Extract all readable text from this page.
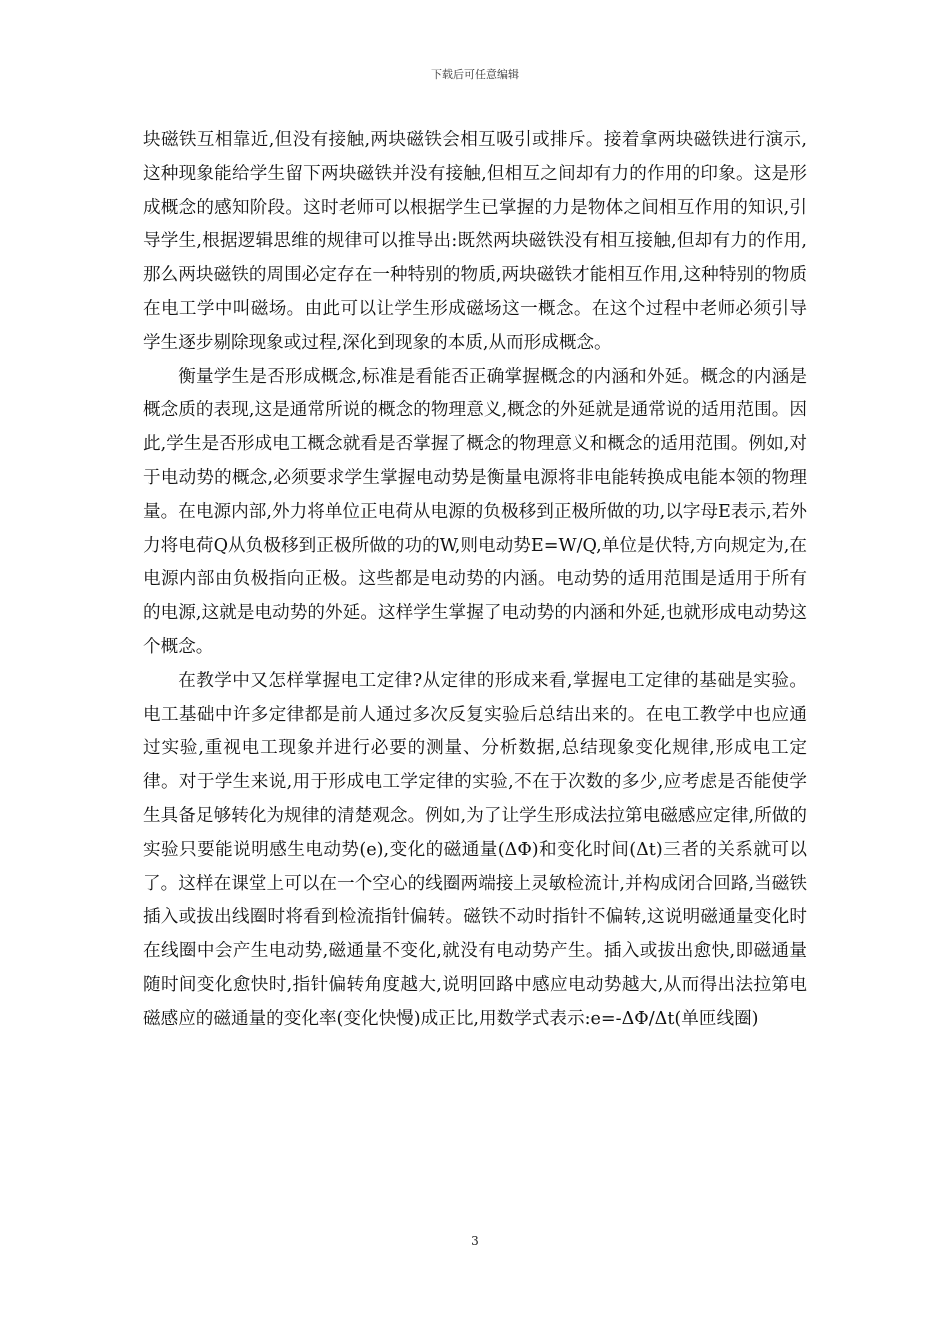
下载后可任意编辑

块磁铁互相靠近,但没有接触,两块磁铁会相互吸引或排斥。接着拿两块磁铁进行演示,这种现象能给学生留下两块磁铁并没有接触,但相互之间却有力的作用的印象。这是形成概念的感知阶段。这时老师可以根据学生已掌握的力是物体之间相互作用的知识,引导学生,根据逻辑思维的规律可以推导出:既然两块磁铁没有相互接触,但却有力的作用,那么两块磁铁的周围必定存在一种特别的物质,两块磁铁才能相互作用,这种特别的物质在电工学中叫磁场。由此可以让学生形成磁场这一概念。在这个过程中老师必须引导学生逐步剔除现象或过程,深化到现象的本质,从而形成概念。

衡量学生是否形成概念,标准是看能否正确掌握概念的内涵和外延。概念的内涵是概念质的表现,这是通常所说的概念的物理意义,概念的外延就是通常说的适用范围。因此,学生是否形成电工概念就看是否掌握了概念的物理意义和概念的适用范围。例如,对于电动势的概念,必须要求学生掌握电动势是衡量电源将非电能转换成电能本领的物理量。在电源内部,外力将单位正电荷从电源的负极移到正极所做的功,以字母E表示,若外力将电荷Q从负极移到正极所做的功的W,则电动势E=W/Q,单位是伏特,方向规定为,在电源内部由负极指向正极。这些都是电动势的内涵。电动势的适用范围是适用于所有的电源,这就是电动势的外延。这样学生掌握了电动势的内涵和外延,也就形成电动势这个概念。

在教学中又怎样掌握电工定律?从定律的形成来看,掌握电工定律的基础是实验。电工基础中许多定律都是前人通过多次反复实验后总结出来的。在电工教学中也应通过实验,重视电工现象并进行必要的测量、分析数据,总结现象变化规律,形成电工定律。对于学生来说,用于形成电工学定律的实验,不在于次数的多少,应考虑是否能使学生具备足够转化为规律的清楚观念。例如,为了让学生形成法拉第电磁感应定律,所做的实验只要能说明感生电动势(e),变化的磁通量(ΔΦ)和变化时间(Δt)三者的关系就可以了。这样在课堂上可以在一个空心的线圈两端接上灵敏检流计,并构成闭合回路,当磁铁插入或拔出线圈时将看到检流指针偏转。磁铁不动时指针不偏转,这说明磁通量变化时在线圈中会产生电动势,磁通量不变化,就没有电动势产生。插入或拔出愈快,即磁通量随时间变化愈快时,指针偏转角度越大,说明回路中感应电动势越大,从而得出法拉第电磁感应的磁通量的变化率(变化快慢)成正比,用数学式表示:e=-ΔΦ/Δt(单匝线圈)

3
